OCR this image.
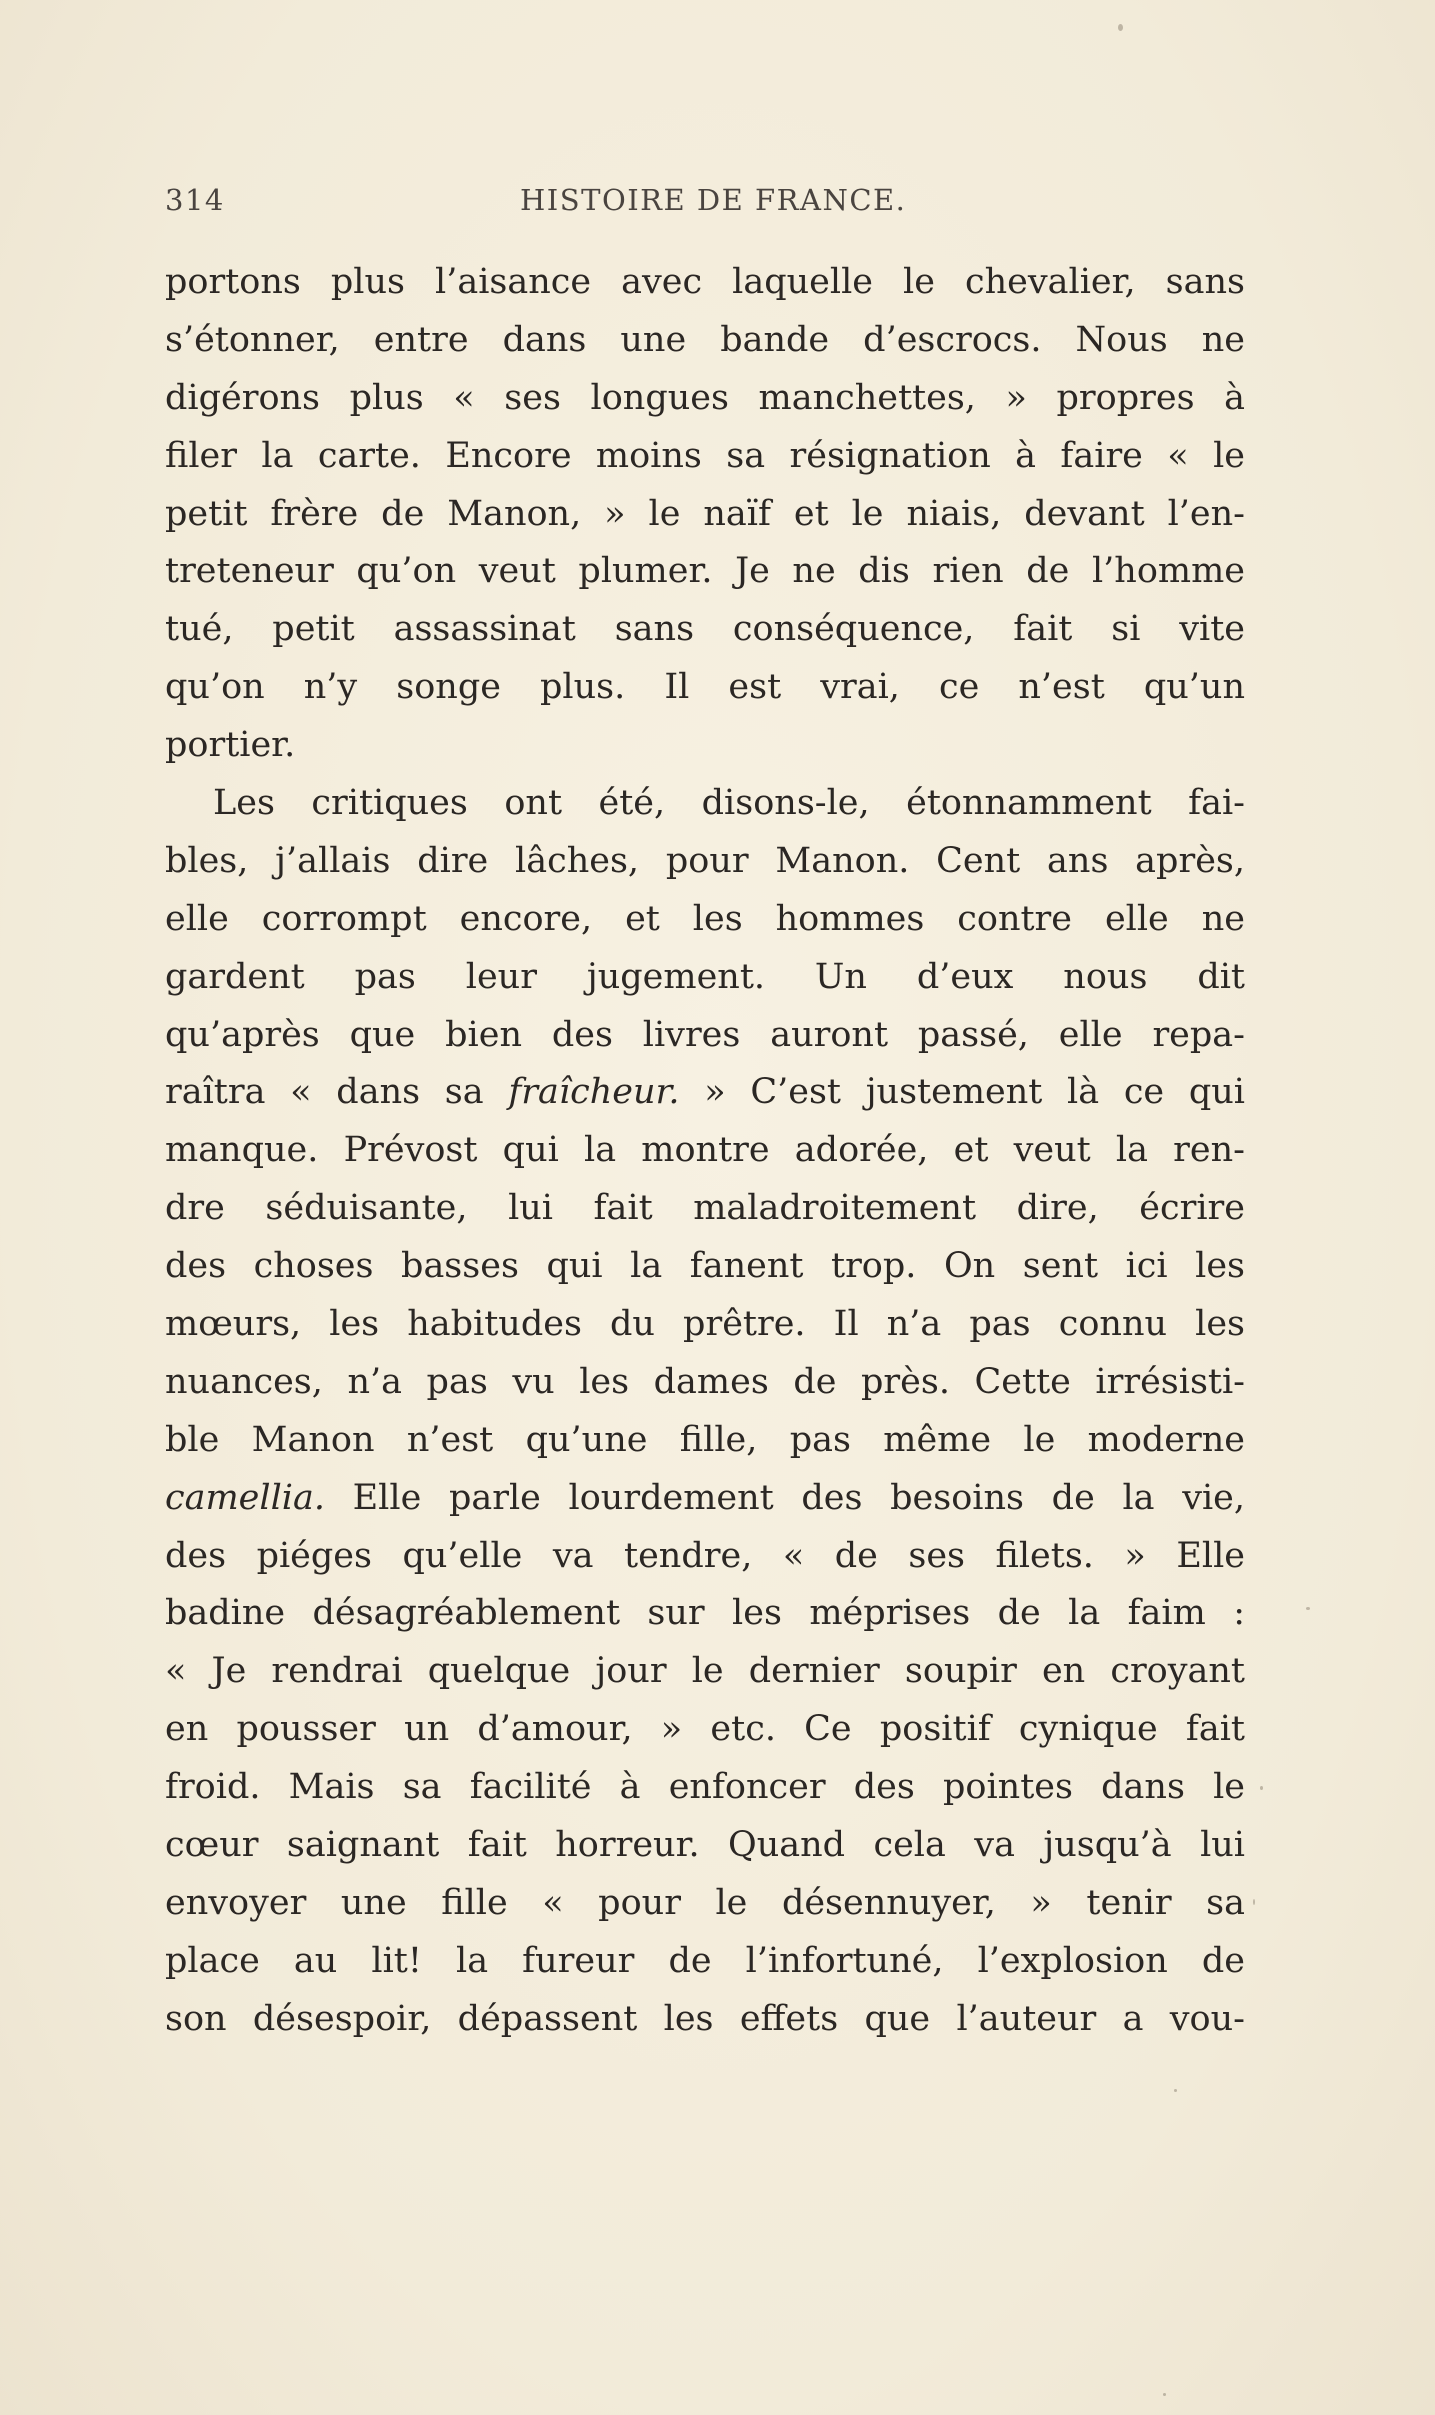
314	HISTOIRE DE FRANCE.
portons plus l’aisance avec laquelle le chevalier, sans
s’étonner, entre dans une bande d’escrocs. Nous ne
digérons plus « ses longues manchettes, » propres à
filer la carte. Encore moins sa résignation à faire « le
petit frère de Manon, » le naïf et le niais, devant l’en-
treteneur qu’on veut plumer. Je ne dis rien de l’homme
tué, petit assassinat sans conséquence, fait si vite
qu’on n’y songe plus. Il est vrai, ce n’est qu’un
portier.
Les critiques ont été, disons-le, étonnamment fai-
bles, j’allais dire lâches, pour Manon. Cent ans après,
elle corrompt encore, et les hommes contre elle ne
gardent pas leur jugement. Un d’eux nous dit
qu’après que bien des livres auront passé, elle repa-
raîtra « dans sa fraîcheur. » C’est justement là ce qui
manque. Prévost qui la montre adorée, et veut la ren-
dre séduisante, lui fait maladroitement dire, écrire
des choses basses qui la fanent trop. On sent ici les
mœurs, les habitudes du prêtre. Il n’a pas connu les
nuances, n’a pas vu les dames de près. Cette irrésisti-
ble Manon n’est qu’une fille, pas même le moderne
camellia. Elle parle lourdement des besoins de la vie,
des piéges qu’elle va tendre, « de ses filets. » Elle
badine désagréablement sur les méprises de la faim :
« Je rendrai quelque jour le dernier soupir en croyant
en pousser un d’amour, » etc. Ce positif cynique fait
froid. Mais sa facilité à enfoncer des pointes dans le
cœur saignant fait horreur. Quand cela va jusqu’à lui
envoyer une fille « pour le désennuyer, » tenir sa
place au lit! la fureur de l’infortuné, l’explosion de
son désespoir, dépassent les effets que l’auteur a vou-
